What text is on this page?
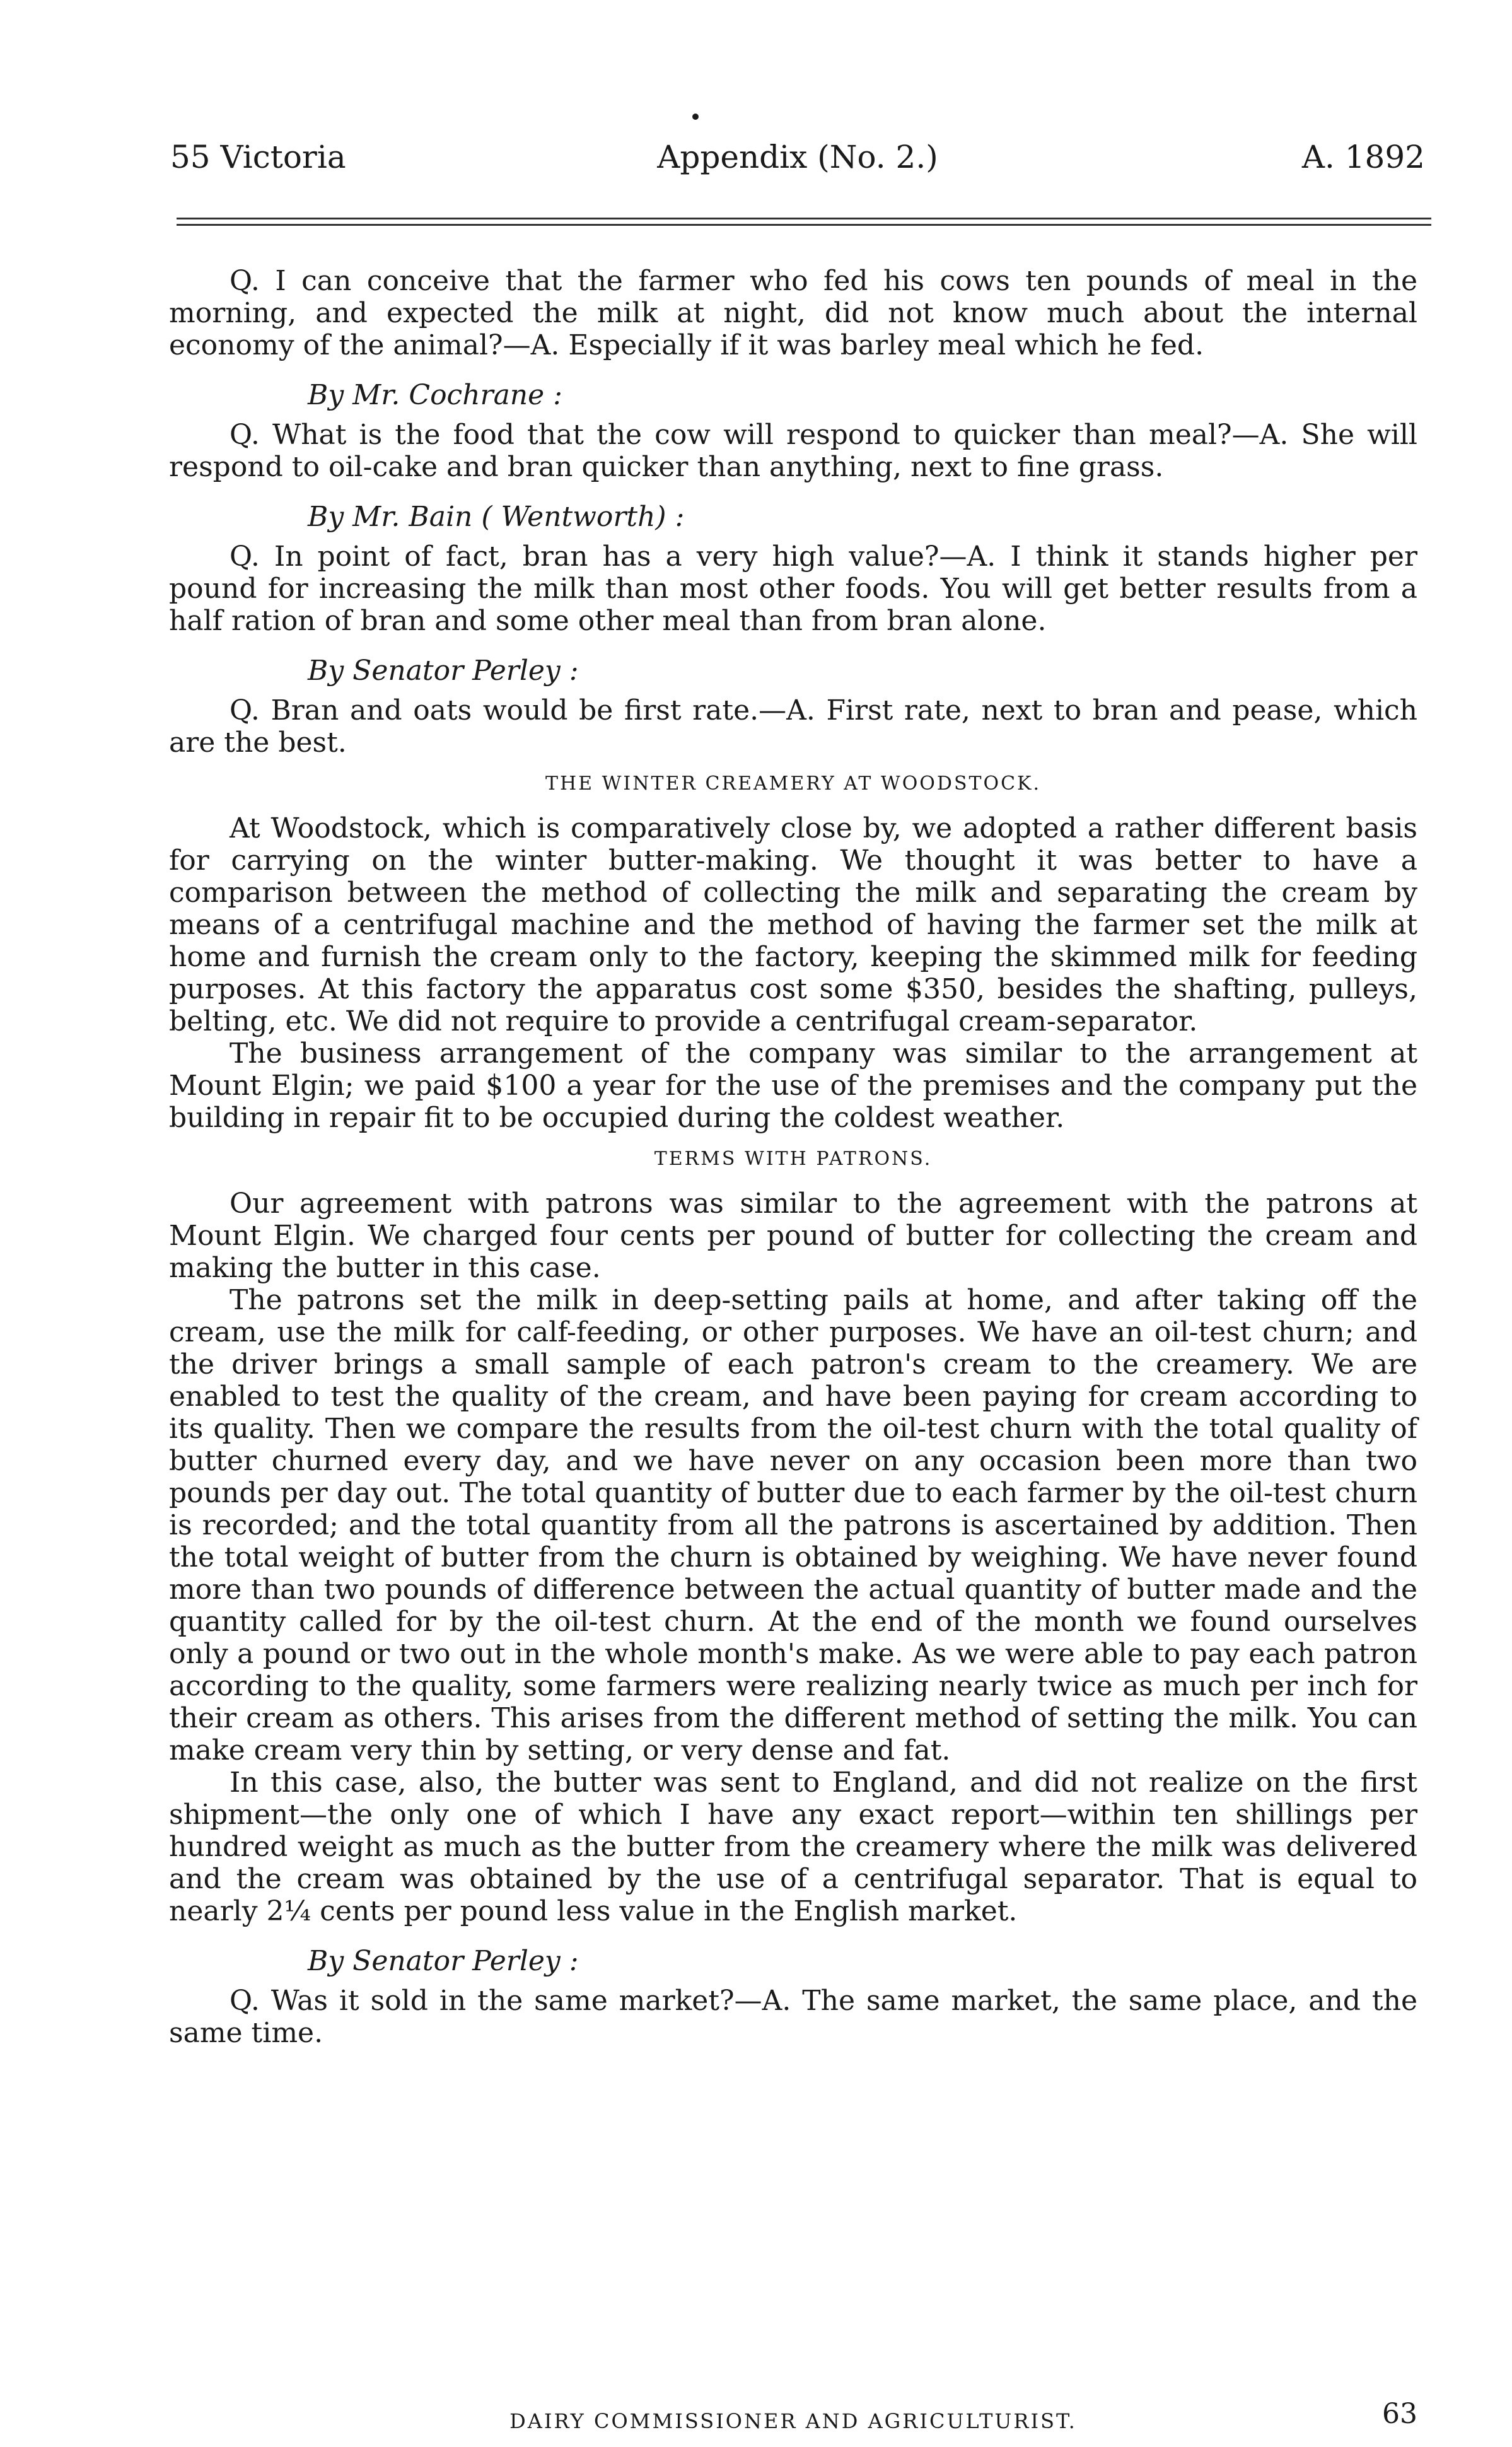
55 Victoria	Appendix (No. 2.)	A. 1892

Q. I can conceive that the farmer who fed his cows ten pounds of meal in the morning, and expected the milk at night, did not know much about the internal economy of the animal?—A. Especially if it was barley meal which he fed.

By Mr. Cochrane :

Q. What is the food that the cow will respond to quicker than meal?—A. She will respond to oil-cake and bran quicker than anything, next to fine grass.

By Mr. Bain ( Wentworth) :

Q. In point of fact, bran has a very high value?—A. I think it stands higher per pound for increasing the milk than most other foods. You will get better results from a half ration of bran and some other meal than from bran alone.

By Senator Perley :

Q. Bran and oats would be first rate.—A. First rate, next to bran and pease, which are the best.

THE WINTER CREAMERY AT WOODSTOCK.

At Woodstock, which is comparatively close by, we adopted a rather different basis for carrying on the winter butter-making. We thought it was better to have a comparison between the method of collecting the milk and separating the cream by means of a centrifugal machine and the method of having the farmer set the milk at home and furnish the cream only to the factory, keeping the skimmed milk for feeding purposes. At this factory the apparatus cost some $350, besides the shafting, pulleys, belting, etc. We did not require to provide a centrifugal cream-separator.

The business arrangement of the company was similar to the arrangement at Mount Elgin; we paid $100 a year for the use of the premises and the company put the building in repair fit to be occupied during the coldest weather.

TERMS WITH PATRONS.

Our agreement with patrons was similar to the agreement with the patrons at Mount Elgin. We charged four cents per pound of butter for collecting the cream and making the butter in this case.

The patrons set the milk in deep-setting pails at home, and after taking off the cream, use the milk for calf-feeding, or other purposes. We have an oil-test churn; and the driver brings a small sample of each patron's cream to the creamery. We are enabled to test the quality of the cream, and have been paying for cream according to its quality. Then we compare the results from the oil-test churn with the total quality of butter churned every day, and we have never on any occasion been more than two pounds per day out. The total quantity of butter due to each farmer by the oil-test churn is recorded; and the total quantity from all the patrons is ascertained by addition. Then the total weight of butter from the churn is obtained by weighing. We have never found more than two pounds of difference between the actual quantity of butter made and the quantity called for by the oil-test churn. At the end of the month we found ourselves only a pound or two out in the whole month's make. As we were able to pay each patron according to the quality, some farmers were realizing nearly twice as much per inch for their cream as others. This arises from the different method of setting the milk. You can make cream very thin by setting, or very dense and fat.

In this case, also, the butter was sent to England, and did not realize on the first shipment—the only one of which I have any exact report—within ten shillings per hundred weight as much as the butter from the creamery where the milk was delivered and the cream was obtained by the use of a centrifugal separator. That is equal to nearly 2¼ cents per pound less value in the English market.

By Senator Perley :

Q. Was it sold in the same market?—A. The same market, the same place, and the same time.

DAIRY COMMISSIONER AND AGRICULTURIST.	63
